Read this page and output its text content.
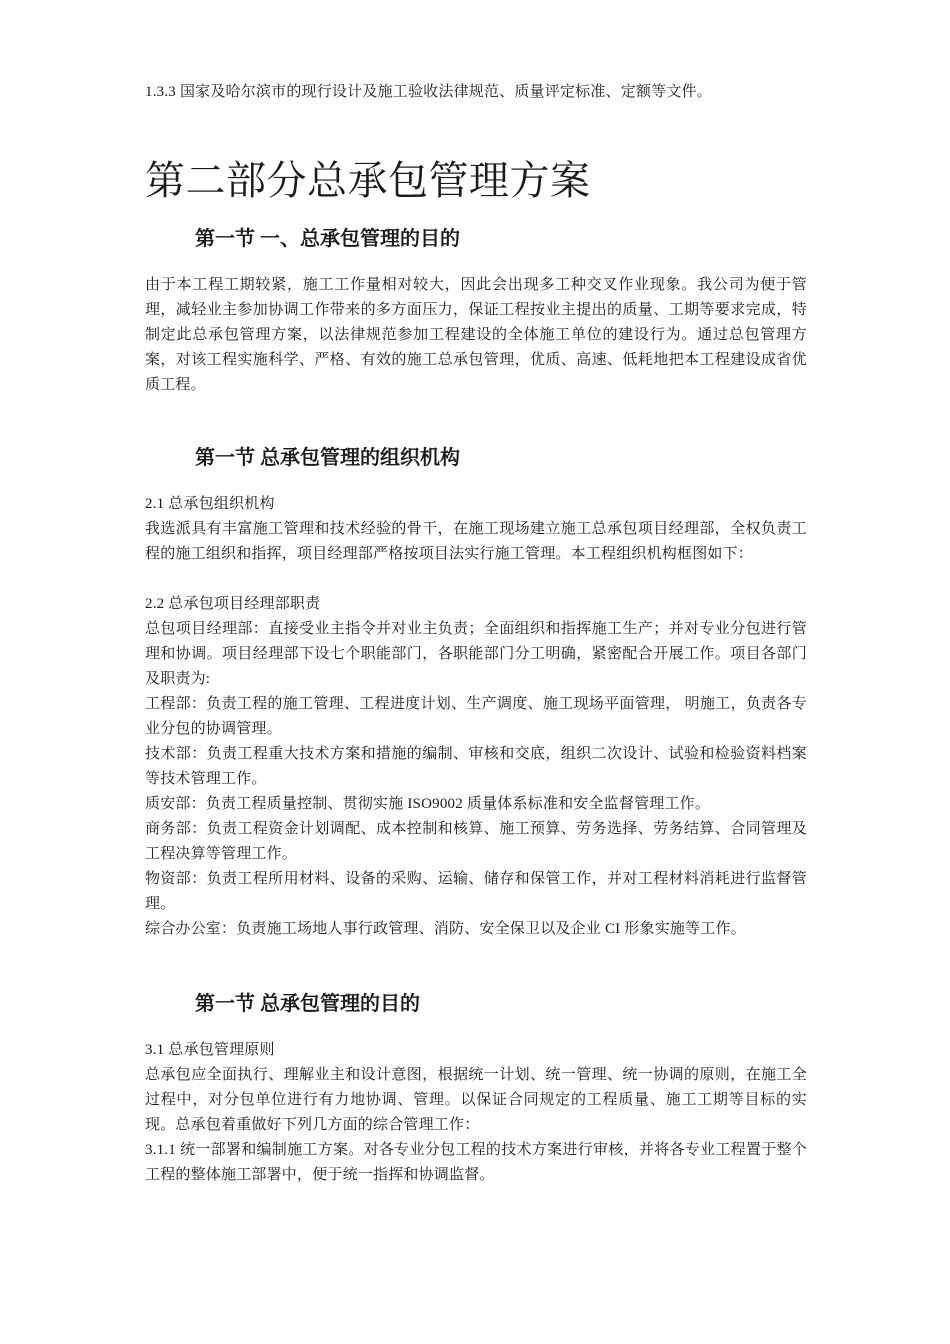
1.3.3 国家及哈尔滨市的现行设计及施工验收法律规范、质量评定标准、定额等文件。

第二部分总承包管理方案
第一节 一、总承包管理的目的

由于本工程工期较紧，施工工作量相对较大，因此会出现多工种交叉作业现象。我公司为便于管理，减轻业主参加协调工作带来的多方面压力，保证工程按业主提出的质量、工期等要求完成，特制定此总承包管理方案，以法律规范参加工程建设的全体施工单位的建设行为。通过总包管理方案，对该工程实施科学、严格、有效的施工总承包管理，优质、高速、低耗地把本工程建设成省优质工程。

第一节 总承包管理的组织机构

2.1 总承包组织机构

我选派具有丰富施工管理和技术经验的骨干，在施工现场建立施工总承包项目经理部，全权负责工程的施工组织和指挥，项目经理部严格按项目法实行施工管理。本工程组织机构框图如下：

2.2 总承包项目经理部职责

总包项目经理部：直接受业主指令并对业主负责；全面组织和指挥施工生产；并对专业分包进行管理和协调。项目经理部下设七个职能部门，各职能部门分工明确，紧密配合开展工作。项目各部门及职责为:

工程部：负责工程的施工管理、工程进度计划、生产调度、施工现场平面管理， 明施工，负责各专业分包的协调管理。

技术部：负责工程重大技术方案和措施的编制、审核和交底，组织二次设计、试验和检验资料档案等技术管理工作。

质安部：负责工程质量控制、贯彻实施 ISO9002 质量体系标准和安全监督管理工作。

商务部：负责工程资金计划调配、成本控制和核算、施工预算、劳务选择、劳务结算、合同管理及工程决算等管理工作。

物资部：负责工程所用材料、设备的采购、运输、储存和保管工作，并对工程材料消耗进行监督管理。

综合办公室：负责施工场地人事行政管理、消防、安全保卫以及企业 CI 形象实施等工作。

第一节 总承包管理的目的

3.1 总承包管理原则

总承包应全面执行、理解业主和设计意图，根据统一计划、统一管理、统一协调的原则，在施工全过程中，对分包单位进行有力地协调、管理。以保证合同规定的工程质量、施工工期等目标的实现。总承包着重做好下列几方面的综合管理工作：

3.1.1 统一部署和编制施工方案。对各专业分包工程的技术方案进行审核，并将各专业工程置于整个工程的整体施工部署中，便于统一指挥和协调监督。
